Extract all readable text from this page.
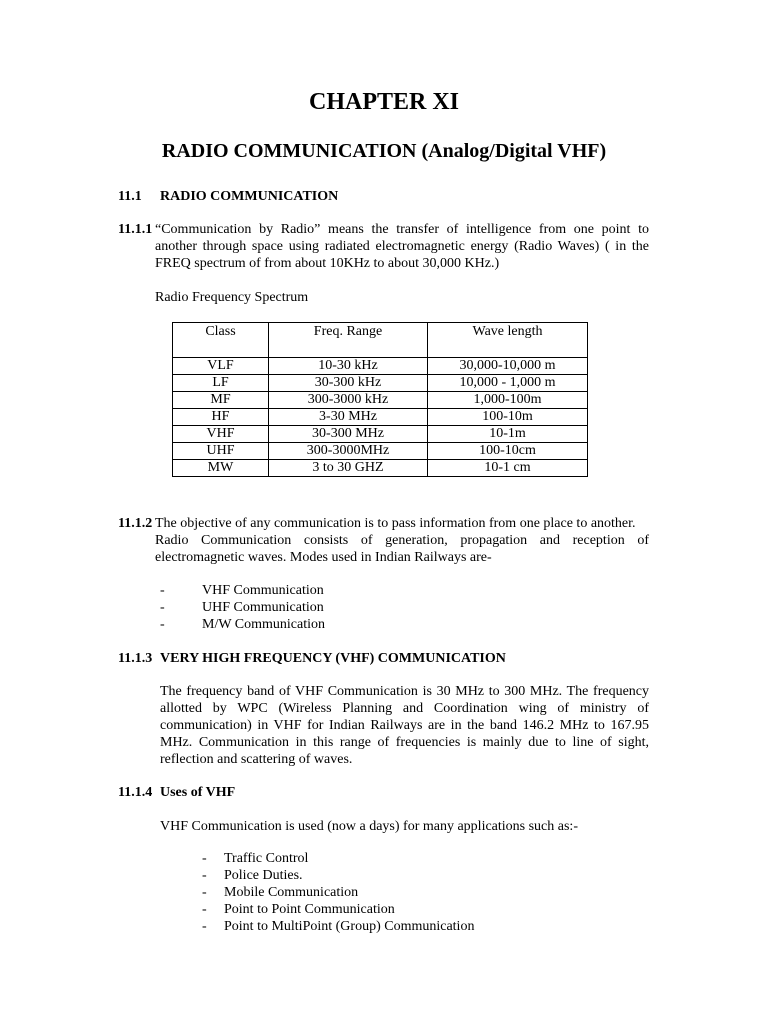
CHAPTER XI
RADIO COMMUNICATION (Analog/Digital VHF)
11.1 RADIO COMMUNICATION
11.1.1 “Communication by Radio” means the transfer of intelligence from one point to
another through space using radiated electromagnetic energy (Radio Waves) ( in the FREQ spectrum of from about 10KHz to about 30,000 KHz.)
Radio Frequency Spectrum
Class	Freq. Range	Wave length
VLF	10-30 kHz	30,000-10,000 m
LF	30-300 kHz	10,000 - 1,000 m
MF	300-3000 kHz	1,000-100m
HF	3-30 MHz	100-10m
VHF	30-300 MHz	10-1m
UHF	300-3000MHz	100-10cm
MW	3 to 30 GHZ	10-1 cm
11.1.2 The objective of any communication is to pass information from one place to another.
Radio Communication consists of generation, propagation and reception of electromagnetic waves. Modes used in Indian Railways are-
-	VHF Communication
-	UHF Communication
-	M/W Communication
11.1.3 VERY HIGH FREQUENCY (VHF) COMMUNICATION
The frequency band of VHF Communication is 30 MHz to 300 MHz. The frequency allotted by WPC (Wireless Planning and Coordination wing of ministry of communication) in VHF for Indian Railways are in the band 146.2 MHz to 167.95 MHz. Communication in this range of frequencies is mainly due to line of sight, reflection and scattering of waves.
11.1.4 Uses of VHF
VHF Communication is used (now a days) for many applications such as:-
- Traffic Control
- Police Duties.
- Mobile Communication
- Point to Point Communication
- Point to MultiPoint (Group) Communication
